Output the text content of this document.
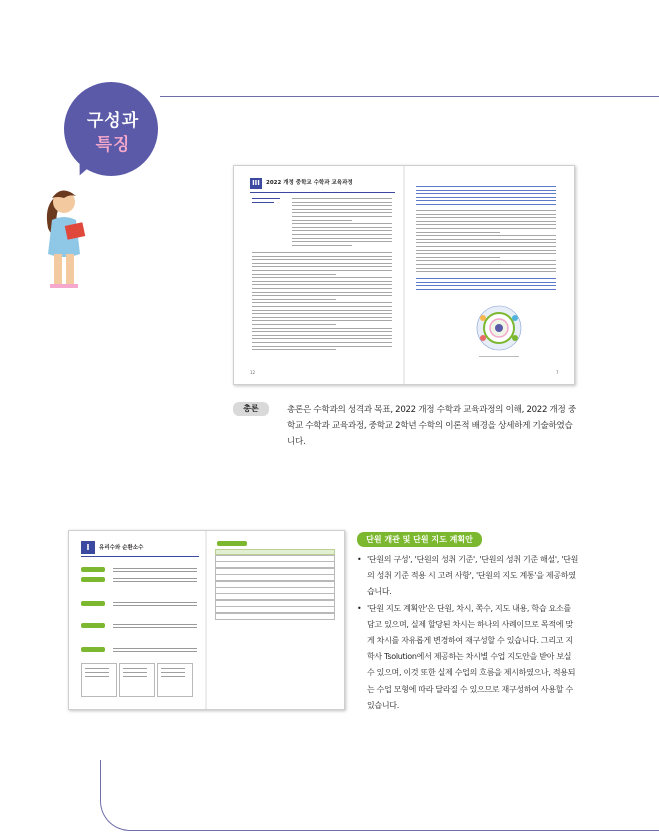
구성과
특징
III	2022 개정 중학교 수학과 교육과정
12	7
총론	총론은 수학과의 성격과 목표, 2022 개정 수학과 교육과정의 이해, 2022 개정 중학교 수학과 교육과정, 중학교 2학년 수학의 이론적 배경을 상세하게 기술하였습니다.
I	유리수와 순환소수
단원 개관 및 단원 지도 계획안
• '단원의 구성', '단원의 성취 기준', '단원의 성취 기준 해설', '단원의 성취 기준 적용 시 고려 사항', '단원의 지도 계통'을 제공하였습니다.
• '단원 지도 계획안'은 단원, 차시, 쪽수, 지도 내용, 학습 요소를 담고 있으며, 실제 할당된 차시는 하나의 사례이므로 목적에 맞게 차시를 자유롭게 변경하여 재구성할 수 있습니다. 그리고 지학사 Tsolution에서 제공하는 차시별 수업 지도안을 받아 보실 수 있으며, 이것 또한 실제 수업의 흐름을 제시하였으나, 적용되는 수업 모형에 따라 달라질 수 있으므로 재구성하여 사용할 수 있습니다.
